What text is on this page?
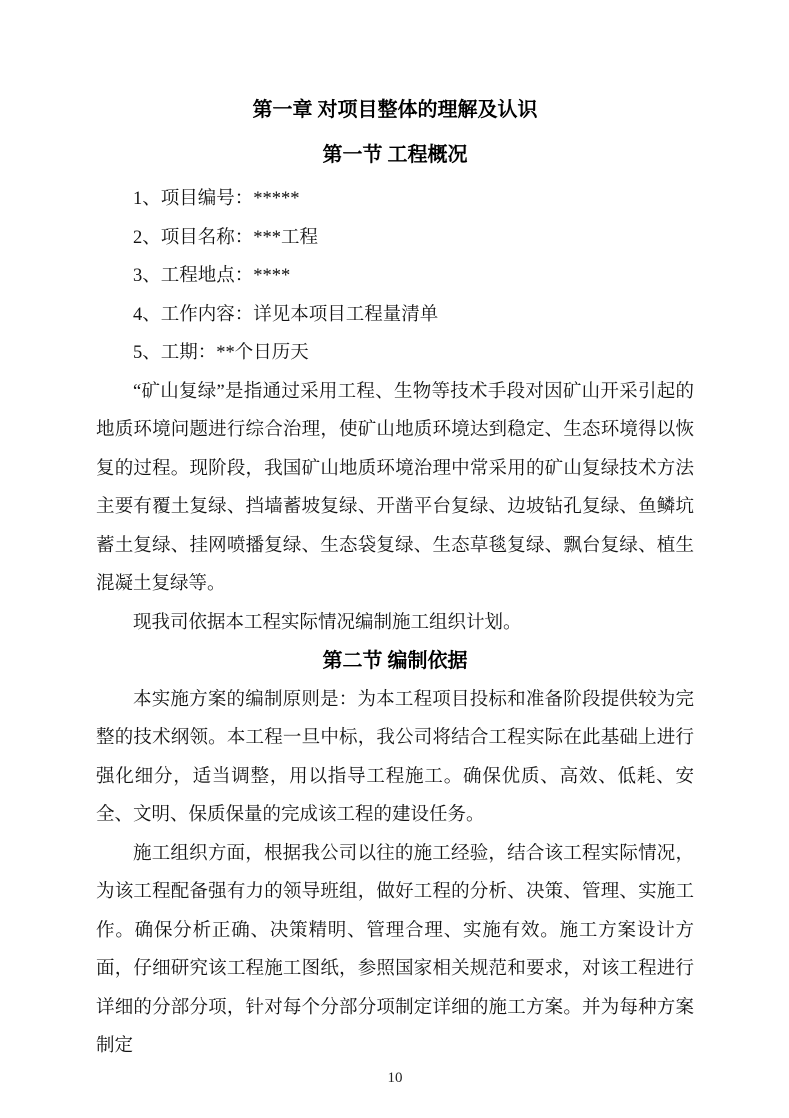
第一章 对项目整体的理解及认识
第一节 工程概况
1、项目编号：*****
2、项目名称：***工程
3、工程地点：****
4、工作内容：详见本项目工程量清单
5、工期：**个日历天

“矿山复绿”是指通过采用工程、生物等技术手段对因矿山开采引起的地质环境问题进行综合治理，使矿山地质环境达到稳定、生态环境得以恢复的过程。现阶段，我国矿山地质环境治理中常采用的矿山复绿技术方法主要有覆土复绿、挡墙蓄坡复绿、开凿平台复绿、边坡钻孔复绿、鱼鳞坑蓄土复绿、挂网喷播复绿、生态袋复绿、生态草毯复绿、飘台复绿、植生混凝土复绿等。

现我司依据本工程实际情况编制施工组织计划。

第二节 编制依据

本实施方案的编制原则是：为本工程项目投标和准备阶段提供较为完整的技术纲领。本工程一旦中标，我公司将结合工程实际在此基础上进行强化细分，适当调整，用以指导工程施工。确保优质、高效、低耗、安全、文明、保质保量的完成该工程的建设任务。

施工组织方面，根据我公司以往的施工经验，结合该工程实际情况，为该工程配备强有力的领导班组，做好工程的分析、决策、管理、实施工作。确保分析正确、决策精明、管理合理、实施有效。施工方案设计方面，仔细研究该工程施工图纸，参照国家相关规范和要求，对该工程进行详细的分部分项，针对每个分部分项制定详细的施工方案。并为每种方案制定

10
